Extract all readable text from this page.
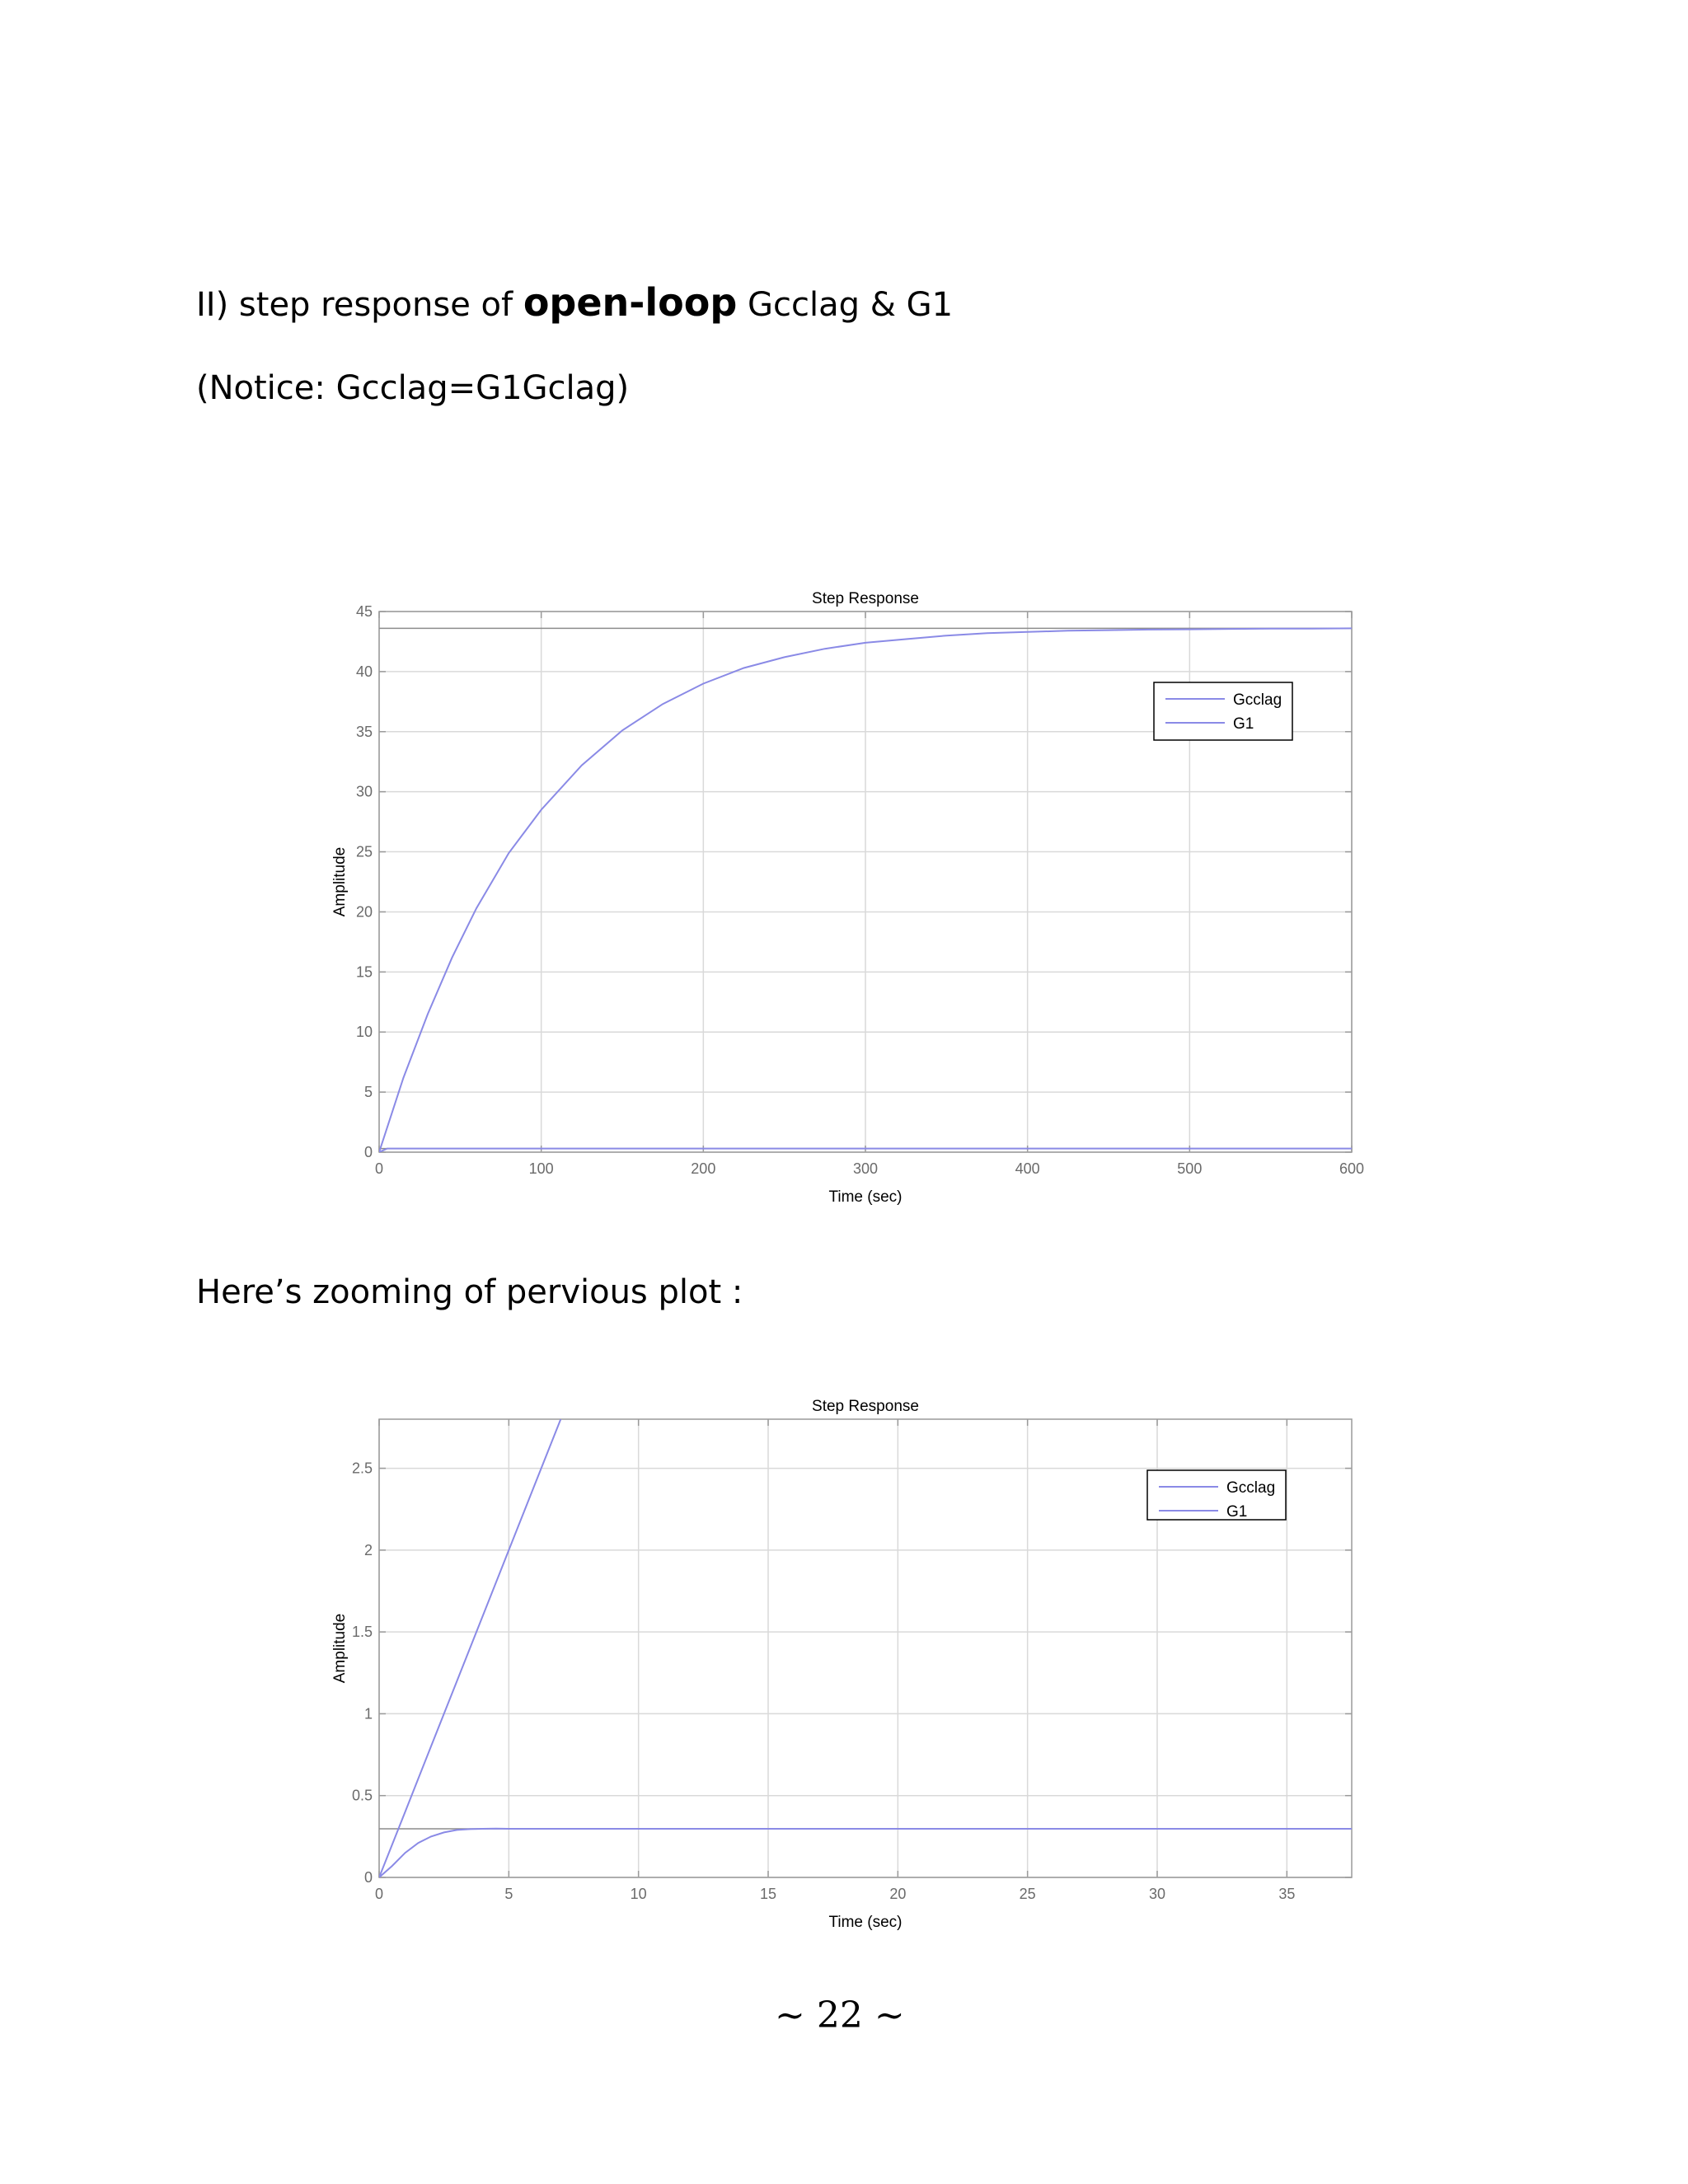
II) step response of open-loop Gcclag & G1
(Notice: Gcclag=G1Gclag)
0	100	200	300	400	500	600
0
5
10
15
20
25
30
35
40
45
Step Response
Time (sec)
Amplitude
Gcclag
G1
Here’s zooming of pervious plot :
0	5	10	15	20	25	30	35
0
0.5
1
1.5
2
2.5
Step Response
Time (sec)
Amplitude
Gcclag
G1
~ 22 ~
